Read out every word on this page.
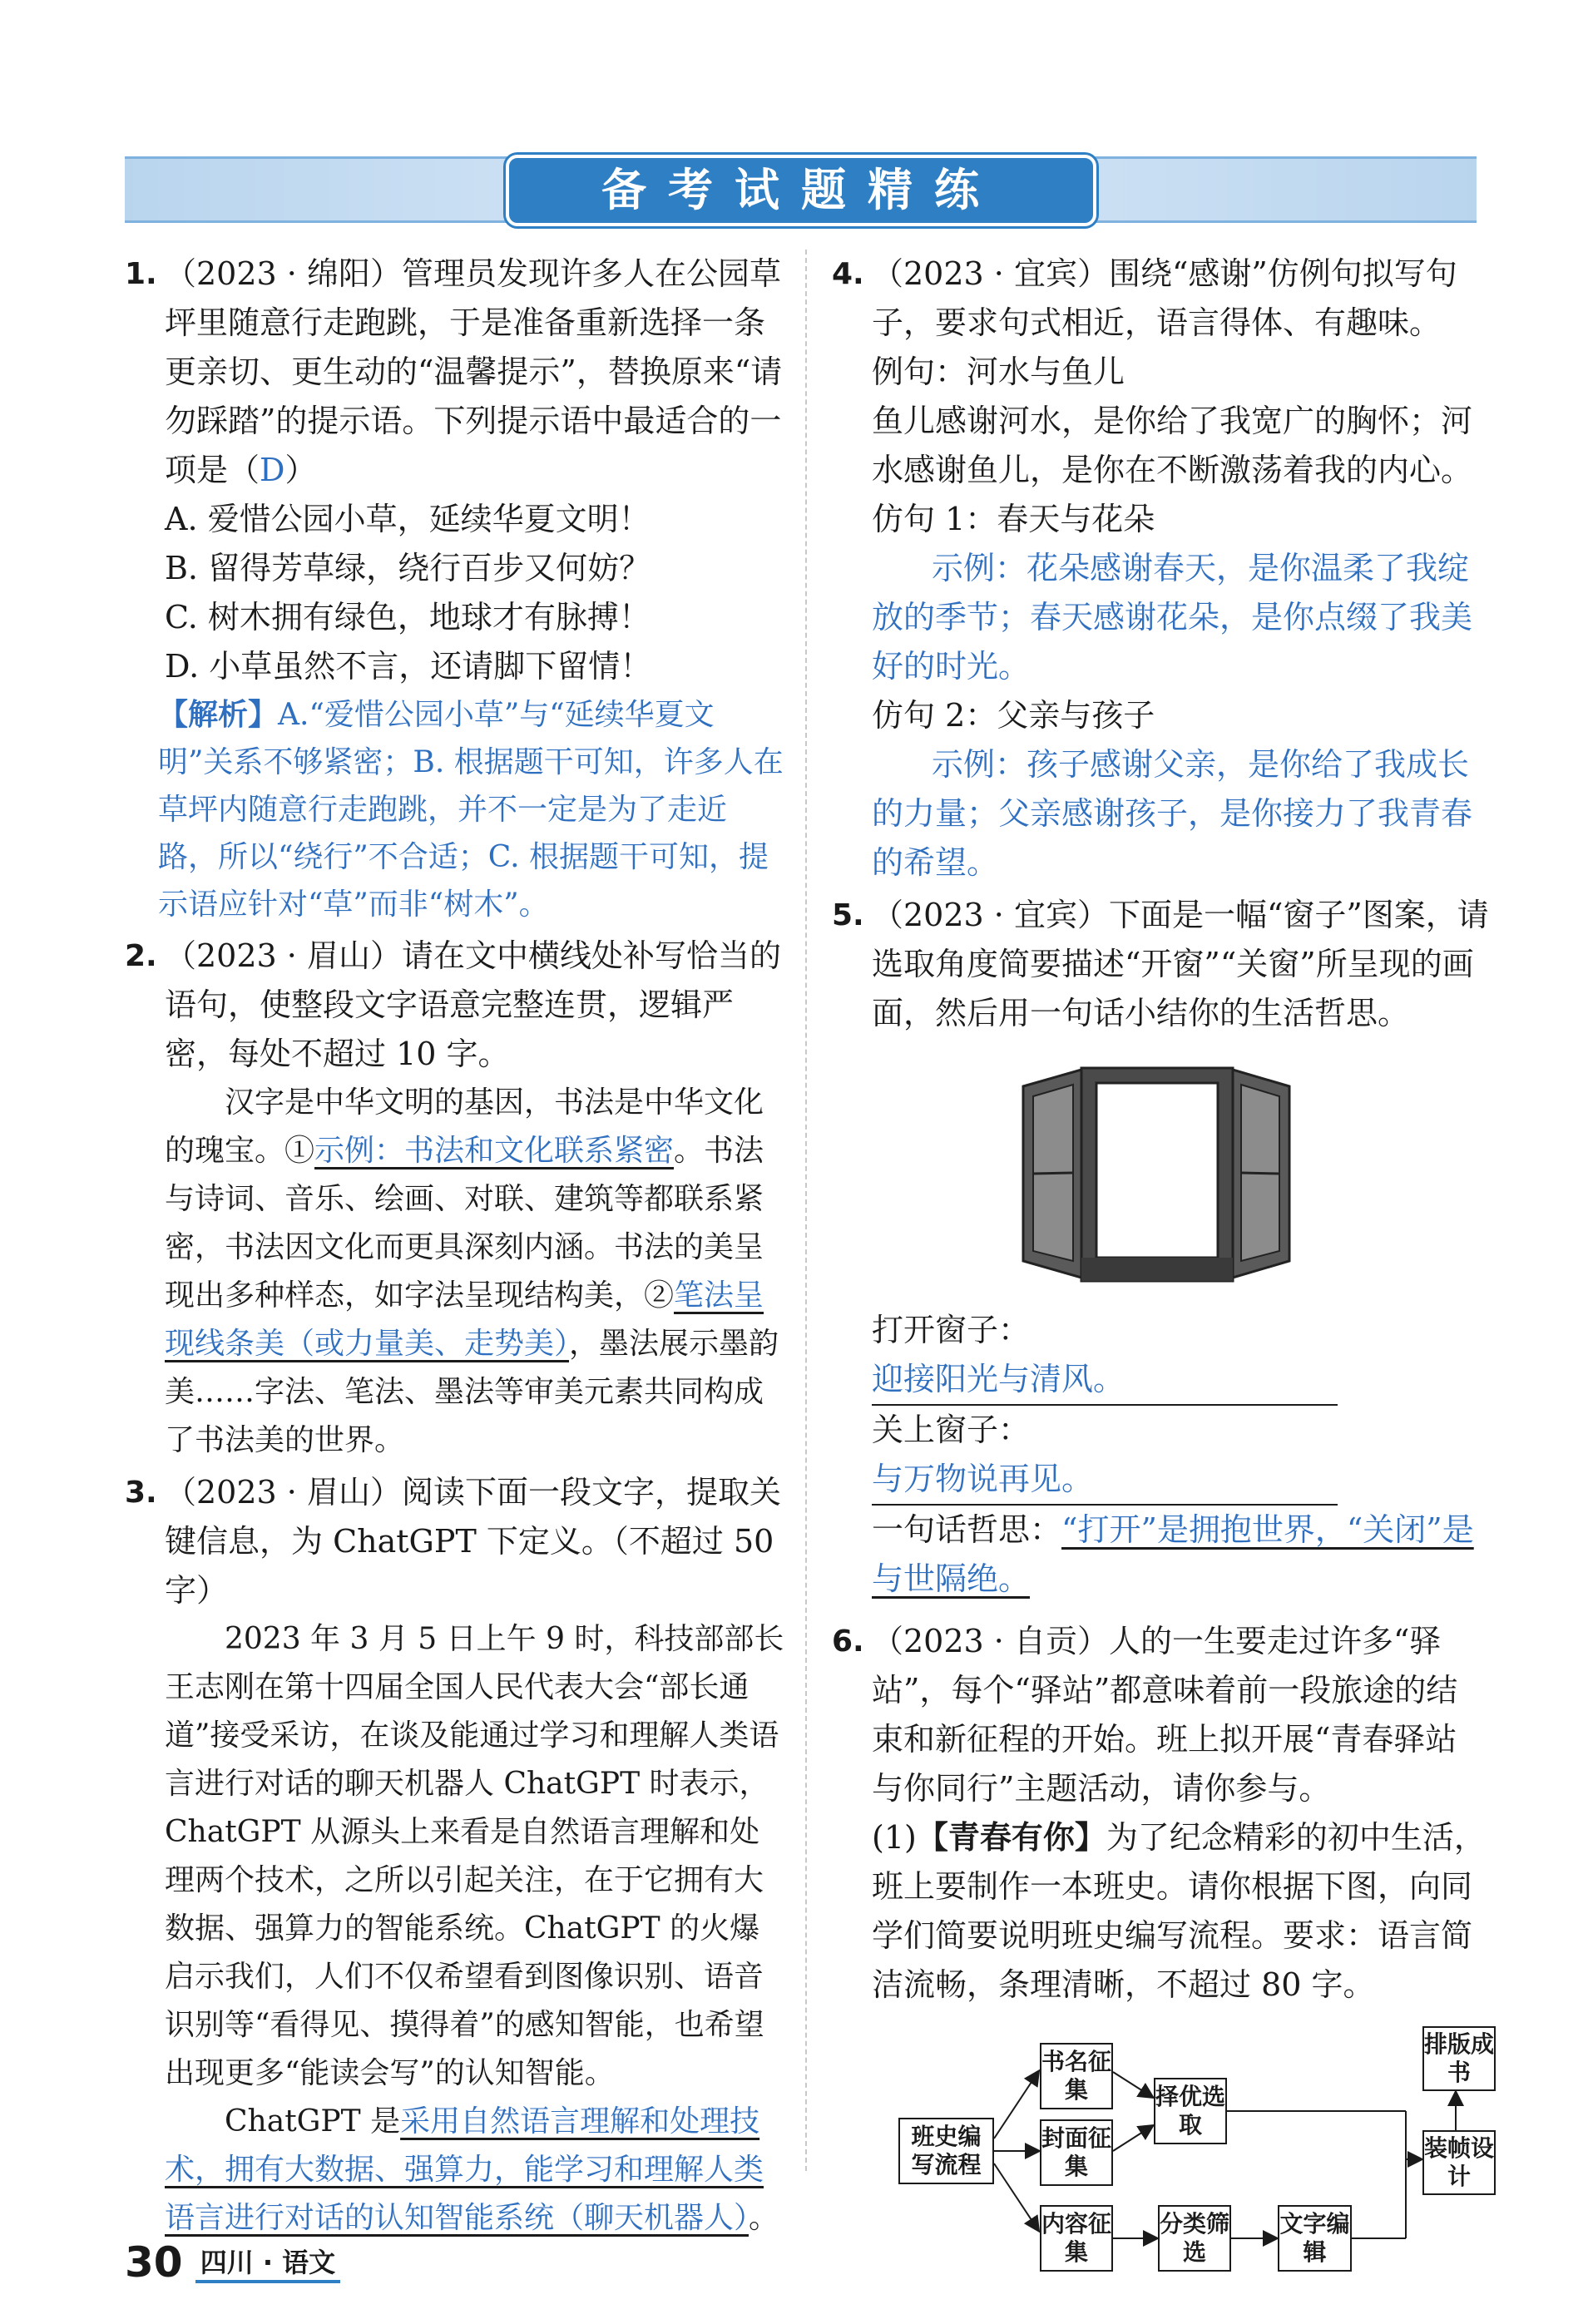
备考试题精练
1. （2023 · 绵阳）管理员发现许多人在公园草坪里随意行走跑跳，于是准备重新选择一条更亲切、更生动的“温馨提示”，替换原来“请勿踩踏”的提示语。下列提示语中最适合的一项是（D）
A. 爱惜公园小草，延续华夏文明！
B. 留得芳草绿，绕行百步又何妨？
C. 树木拥有绿色，地球才有脉搏！
D. 小草虽然不言，还请脚下留情！
【解析】A.“爱惜公园小草”与“延续华夏文明”关系不够紧密；B. 根据题干可知，许多人在草坪内随意行走跑跳，并不一定是为了走近路，所以“绕行”不合适；C. 根据题干可知，提示语应针对“草”而非“树木”。
2. （2023 · 眉山）请在文中横线处补写恰当的语句，使整段文字语意完整连贯，逻辑严密，每处不超过 10 字。
汉字是中华文明的基因，书法是中华文化的瑰宝。①示例：书法和文化联系紧密。书法与诗词、音乐、绘画、对联、建筑等都联系紧密，书法因文化而更具深刻内涵。书法的美呈现出多种样态，如字法呈现结构美，②笔法呈现线条美（或力量美、走势美），墨法展示墨韵美……字法、笔法、墨法等审美元素共同构成了书法美的世界。
3. （2023 · 眉山）阅读下面一段文字，提取关键信息，为 ChatGPT 下定义。（不超过 50 字）
2023 年 3 月 5 日上午 9 时，科技部部长王志刚在第十四届全国人民代表大会“部长通道”接受采访，在谈及能通过学习和理解人类语言进行对话的聊天机器人 ChatGPT 时表示，ChatGPT 从源头上来看是自然语言理解和处理两个技术，之所以引起关注，在于它拥有大数据、强算力的智能系统。ChatGPT 的火爆启示我们，人们不仅希望看到图像识别、语音识别等“看得见、摸得着”的感知智能，也希望出现更多“能读会写”的认知智能。
ChatGPT 是采用自然语言理解和处理技术，拥有大数据、强算力，能学习和理解人类语言进行对话的认知智能系统（聊天机器人）。
4. （2023 · 宜宾）围绕“感谢”仿例句拟写句子，要求句式相近，语言得体、有趣味。
例句：河水与鱼儿
鱼儿感谢河水，是你给了我宽广的胸怀；河水感谢鱼儿，是你在不断激荡着我的内心。
仿句 1：春天与花朵
示例：花朵感谢春天，是你温柔了我绽放的季节；春天感谢花朵，是你点缀了我美好的时光。
仿句 2：父亲与孩子
示例：孩子感谢父亲，是你给了我成长的力量；父亲感谢孩子，是你接力了我青春的希望。
5. （2023 · 宜宾）下面是一幅“窗子”图案，请选取角度简要描述“开窗”“关窗”所呈现的画面，然后用一句话小结你的生活哲思。
打开窗子：迎接阳光与清风。
关上窗子：与万物说再见。
一句话哲思：“打开”是拥抱世界，“关闭”是与世隔绝。
6. （2023 · 自贡）人的一生要走过许多“驿站”，每个“驿站”都意味着前一段旅途的结束和新征程的开始。班上拟开展“青春驿站　与你同行”主题活动，请你参与。
(1)【青春有你】为了纪念精彩的初中生活，班上要制作一本班史。请你根据下图，向同学们简要说明班史编写流程。要求：语言简洁流畅，条理清晰，不超过 80 字。
班史编写流程
书名征集
封面征集
内容征集
择优选取
分类筛选
文字编辑
排版成书
装帧设计
30 四川 · 语文
